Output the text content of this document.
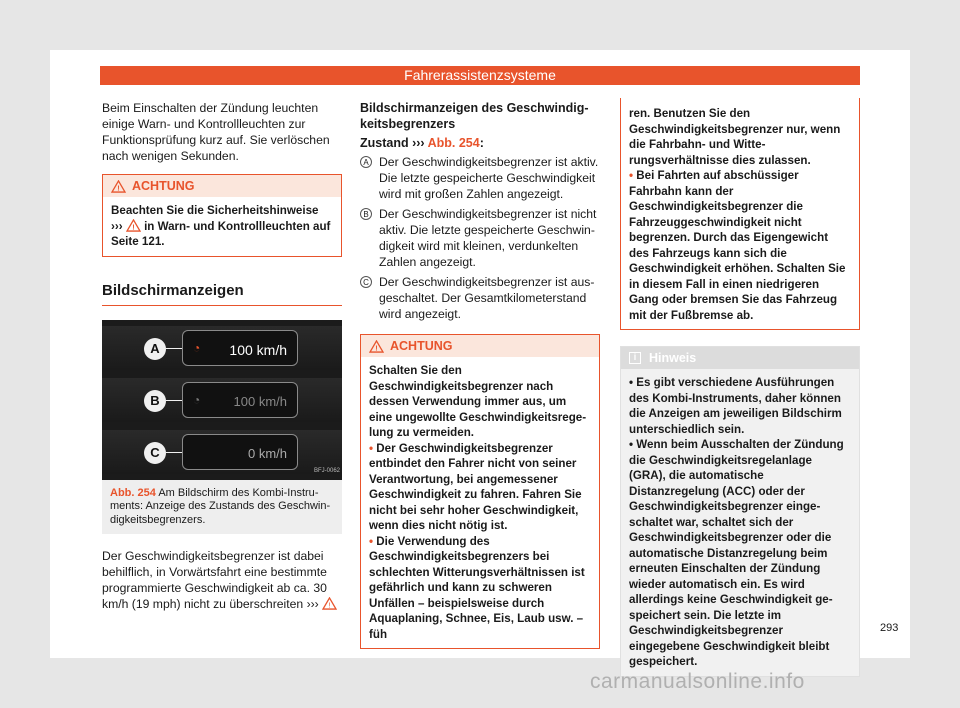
Fahrerassistenzsysteme

Beim Einschalten der Zündung leuchten einige Warn- und Kontrollleuchten zur Funktionsprüfung kurz auf. Sie verlöschen nach wenigen Sekunden.

! ACHTUNG
Beachten Sie die Sicherheitshinweise ››› ! in Warn- und Kontrollleuchten auf Seite 121.
Bildschirmanzeigen
A	◔ 100 km/h
B	◔	100 km/h
C	0 km/h
BFJ-0062
Abb. 254 Am Bildschirm des Kombi-Instruments: Anzeige des Zustands des Geschwindigkeitsbegrenzers.

Der Geschwindigkeitsbegrenzer ist dabei behilflich, in Vorwärtsfahrt eine bestimmte programmierte Geschwindigkeit ab ca. 30 km/h (19 mph) nicht zu überschreiten ››› !

Bildschirmanzeigen des Geschwindigkeitsbegrenzers
Zustand ››› Abb. 254:
A Der Geschwindigkeitsbegrenzer ist aktiv. Die letzte gespeicherte Geschwindigkeit wird mit großen Zahlen angezeigt.
B Der Geschwindigkeitsbegrenzer ist nicht aktiv. Die letzte gespeicherte Geschwindigkeit wird mit kleinen, verdunkelten Zahlen angezeigt.
C Der Geschwindigkeitsbegrenzer ist ausgeschaltet. Der Gesamtkilometerstand wird angezeigt.
! ACHTUNG
Schalten Sie den Geschwindigkeitsbegrenzer nach dessen Verwendung immer aus, um eine ungewollte Geschwindigkeitsregelung zu vermeiden.
• Der Geschwindigkeitsbegrenzer entbindet den Fahrer nicht von seiner Verantwortung, bei angemessener Geschwindigkeit zu fahren. Fahren Sie nicht bei sehr hoher Geschwindigkeit, wenn dies nicht nötig ist.
• Die Verwendung des Geschwindigkeitsbegrenzers bei schlechten Witterungsverhältnissen ist gefährlich und kann zu schweren Unfällen – beispielsweise durch Aquaplaning, Schnee, Eis, Laub usw. – füh
ren. Benutzen Sie den Geschwindigkeitsbegrenzer nur, wenn die Fahrbahn- und Witterungsverhältnisse dies zulassen.
• Bei Fahrten auf abschüssiger Fahrbahn kann der Geschwindigkeitsbegrenzer die Fahrzeuggeschwindigkeit nicht begrenzen. Durch das Eigengewicht des Fahrzeugs kann sich die Geschwindigkeit erhöhen. Schalten Sie in diesem Fall in einen niedrigeren Gang oder bremsen Sie das Fahrzeug mit der Fußbremse ab.
i	Hinweis
• Es gibt verschiedene Ausführungen des Kombi-Instruments, daher können die Anzeigen am jeweiligen Bildschirm unterschiedlich sein.
• Wenn beim Ausschalten der Zündung die Geschwindigkeitsregelanlage (GRA), die automatische Distanzregelung (ACC) oder der Geschwindigkeitsbegrenzer eingeschaltet war, schaltet sich der Geschwindigkeitsbegrenzer oder die automatische Distanzregelung beim erneuten Einschalten der Zündung wieder automatisch ein. Es wird allerdings keine Geschwindigkeit gespeichert sein. Die letzte im Geschwindigkeitsbegrenzer eingegebene Geschwindigkeit bleibt gespeichert.
293
carmanualsonline.info
